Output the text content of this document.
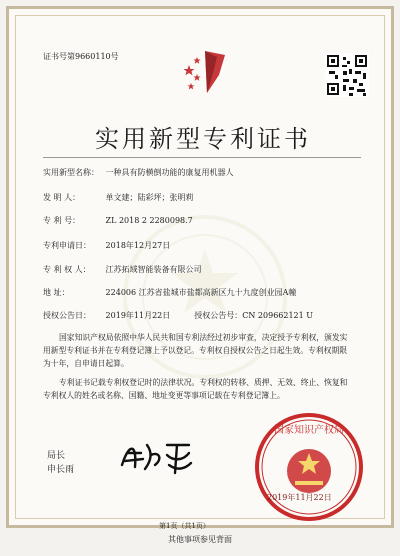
证书号第9660110号
实用新型专利证书
实用新型名称： 一种具有防横倒功能的康复用机器人
发 明 人：	单文建；陆彩坪；张明莉
专 利 号：	ZL 2018 2 2280098.7
专利申请日： 2018年12月27日
专 利 权 人： 江苏拓域智能装备有限公司
地 址：	224006 江苏省盐城市盐都高新区九十九度创业园A幢
授权公告日： 2019年11月22日　　　授权公告号：CN 209662121 U

国家知识产权局依照中华人民共和国专利法经过初步审查，决定授予专利权，颁发实用新型专利证书并在专利登记簿上予以登记。专利权自授权公告之日起生效。专利权期限为十年，自申请日起算。

专利证书记载专利权登记时的法律状况。专利权的转移、质押、无效、终止、恢复和专利权人的姓名或名称、国籍、地址变更等事项记载在专利登记簿上。

局长
申长雨
国家知识产权局
2019年11月22日
第1页（共1页）
其他事项参见背面
